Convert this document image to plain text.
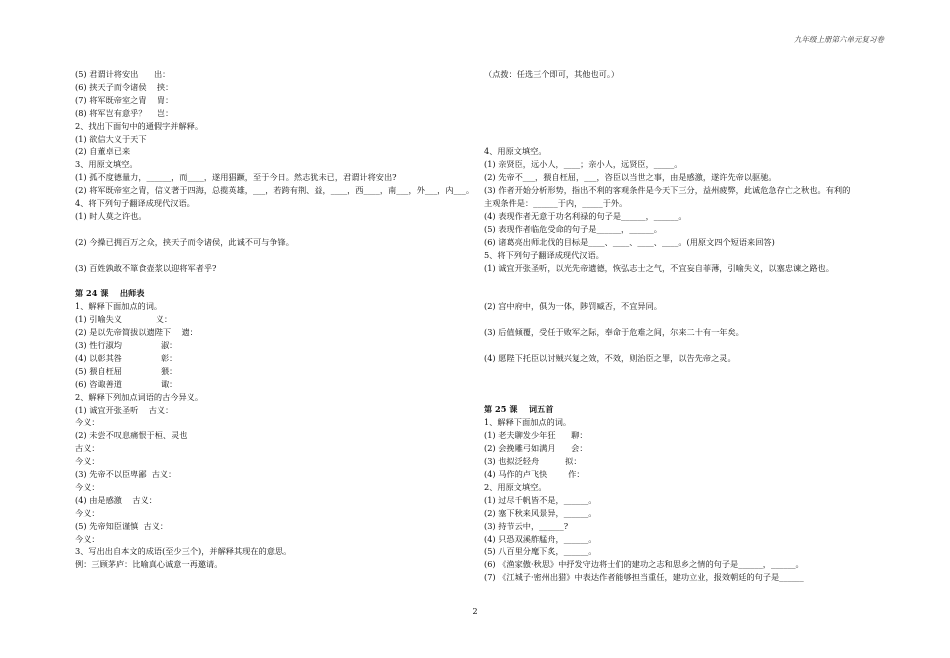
九年级上册第六单元复习卷
(5) 君谓计将安出      出：
(6) 挟天子而令诸侯    挟：
(7) 将军既帝室之胄    胄：
(8) 将军岂有意乎？    岂：
2、找出下面句中的通假字并解释。
(1) 欲信大义于天下
(2) 自董卓已来
3、用原文填空。
(1) 孤不度德量力，______，而____，遂用猖蹶，至于今日。然志犹未已，君谓计将安出?
(2) 将军既帝室之胄，信义著于四海，总揽英雄，___，若跨有荆、益，____，西____，南___，外___，内___。
4、将下列句子翻译成现代汉语。
(1) 时人莫之许也。
(2) 今操已拥百万之众，挟天子而令诸侯，此诚不可与争锋。
(3) 百姓孰敢不箪食壶浆以迎将军者乎?
第 24 课    出师表
1、解释下面加点的词。
(1) 引喻失义             义：
(2) 是以先帝简拔以遗陛下    遗：
(3) 性行淑均               淑：
(4) 以彰其咎               彰：
(5) 猥自枉屈               猥：
(6) 咨诹善道               诹：
2、解释下列加点词语的古今异义。
(1) 诚宜开张圣听    古义：
今义：
(2) 未尝不叹息痛恨于桓、灵也
古义：
今义：
(3) 先帝不以臣卑鄙  古义：
今义：
(4) 由是感激    古义：
今义：
(5) 先帝知臣谨慎  古义：
今义：
3、写出出自本文的成语(至少三个)，并解释其现在的意思。
例：三顾茅庐：比喻真心诚意一再邀请。
（点拨：任选三个即可，其他也可。）
4、用原文填空。
(1) 亲贤臣，远小人，____；亲小人，远贤臣，_____。
(2) 先帝不___，猥自枉屈，___，咨臣以当世之事，由是感激，遂许先帝以驱驰。
(3) 作者开始分析形势，指出不利的客观条件是今天下三分，益州疲弊，此诚危急存亡之秋也。有利的
主观条件是：______于内，_____于外。
(4) 表现作者无意于功名利禄的句子是______，______。
(5) 表现作者临危受命的句子是______，______。
(6) 诸葛亮出师北伐的目标是____、____、____、____。(用原文四个短语来回答)
5、将下列句子翻译成现代汉语。
(1) 诚宜开张圣听，以光先帝遗德，恢弘志士之气，不宜妄自菲薄，引喻失义，以塞忠谏之路也。
(2) 宫中府中，俱为一体，陟罚臧否，不宜异同。
(3) 后值倾覆，受任于败军之际，奉命于危难之间，尔来二十有一年矣。
(4) 愿陛下托臣以讨贼兴复之效，不效，则治臣之罪，以告先帝之灵。
第 25 课    词五首
1、解释下面加点的词。
(1) 老夫聊发少年狂      聊：
(2) 会挽雕弓如满月      会：
(3) 也拟泛轻舟          拟：
(4) 马作的卢飞快        作：
2、用原文填空。
(1) 过尽千帆皆不是，______。
(2) 塞下秋来风景异，______。
(3) 持节云中，______?
(4) 只恐双溪舴艋舟，______。
(5) 八百里分麾下炙，______。
(6) 《渔家傲·秋思》中抒发守边将士们的建功之志和思乡之情的句子是______，______。
(7) 《江城子·密州出猎》中表达作者能够担当重任，建功立业，报效朝廷的句子是______
2
